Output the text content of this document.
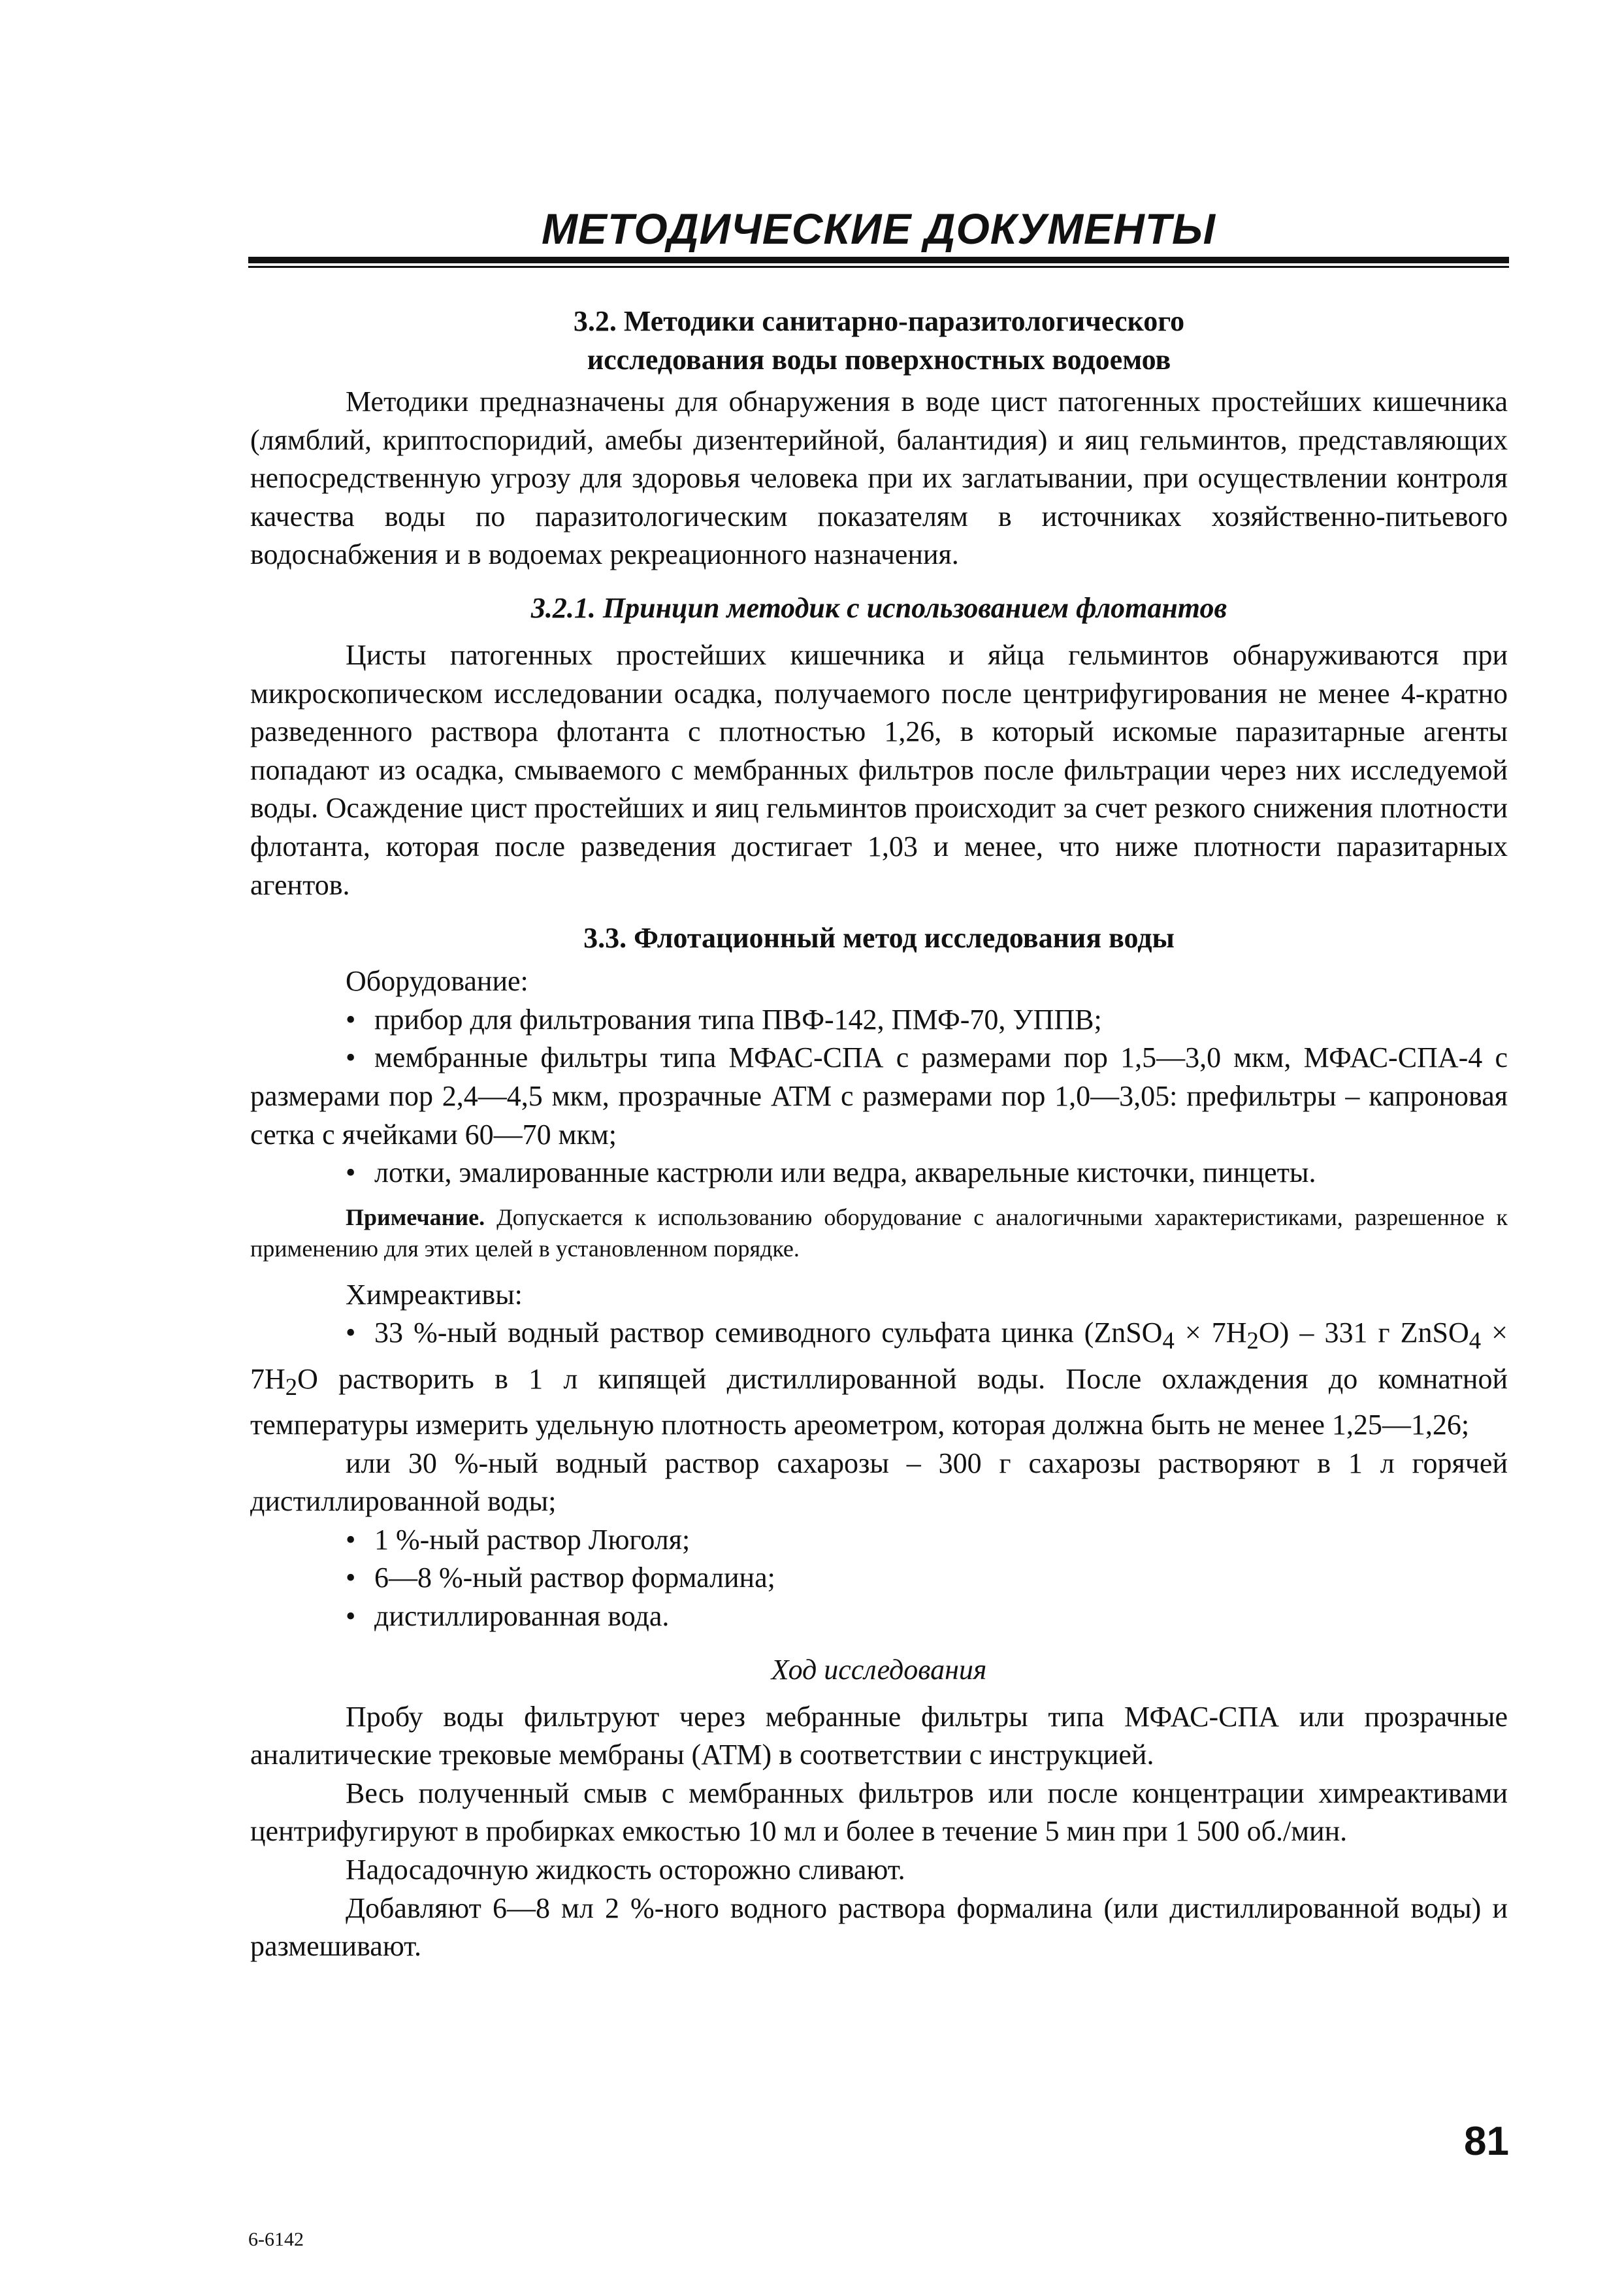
МЕТОДИЧЕСКИЕ ДОКУМЕНТЫ

3.2. Методики санитарно-паразитологического

исследования воды поверхностных водоемов

Методики предназначены для обнаружения в воде цист патогенных простейших кишечника (лямблий, криптоспоридий, амебы дизентерийной, балантидия) и яиц гельминтов, представляющих непосредственную угрозу для здоровья человека при их заглатывании, при осуществлении контроля качества воды по паразитологическим показателям в источниках хозяйственно-питьевого водоснабжения и в водоемах рекреационного назначения.

3.2.1. Принцип методик с использованием флотантов

Цисты патогенных простейших кишечника и яйца гельминтов обнаруживаются при микроскопическом исследовании осадка, получаемого после центрифугирования не менее 4-кратно разведенного раствора флотанта с плотностью 1,26, в который искомые паразитарные агенты попадают из осадка, смываемого с мембранных фильтров после фильтрации через них исследуемой воды. Осаждение цист простейших и яиц гельминтов происходит за счет резкого снижения плотности флотанта, которая после разведения достигает 1,03 и менее, что ниже плотности паразитарных агентов.

3.3. Флотационный метод исследования воды

Оборудование:

• прибор для фильтрования типа ПВФ-142, ПМФ-70, УППВ;

• мембранные фильтры типа МФАС-СПА с размерами пор 1,5—3,0 мкм, МФАС-СПА-4 с размерами пор 2,4—4,5 мкм, прозрачные АТМ с размерами пор 1,0—3,05: префильтры – капроновая сетка с ячейками 60—70 мкм;

• лотки, эмалированные кастрюли или ведра, акварельные кисточки, пинцеты.

Примечание. Допускается к использованию оборудование с аналогичными характеристиками, разрешенное к применению для этих целей в установленном порядке.

Химреактивы:

• 33 %-ный водный раствор семиводного сульфата цинка (ZnSO$_4$ × $7H_2O) - 331$ г ZnSO$_4$ × $7H_2O$ растворить в 1 л кипящей дистиллированной воды. После охлаждения до комнатной температуры измерить удельную плотность ареометром, которая должна быть не менее 1,25—1,26;

или 30 %-ный водный раствор сахарозы – 300 г сахарозы растворяют в 1 л горячей дистиллированной воды;

• 1 %-ный раствор Люголя;

• 6—8 %-ный раствор формалина;

• дистиллированная вода.

Ход исследования

Пробу воды фильтруют через мебранные фильтры типа МФАС-СПА или прозрачные аналитические трековые мембраны (АТМ) в соответствии с инструкцией.

Весь полученный смыв с мембранных фильтров или после концентрации химреактивами центрифугируют в пробирках емкостью 10 мл и более в течение 5 мин при 1 500 об./мин.

Надосадочную жидкость осторожно сливают.

Добавляют 6—8 мл 2 %-ного водного раствора формалина (или дистиллированной воды) и размешивают.

81
6-6142
